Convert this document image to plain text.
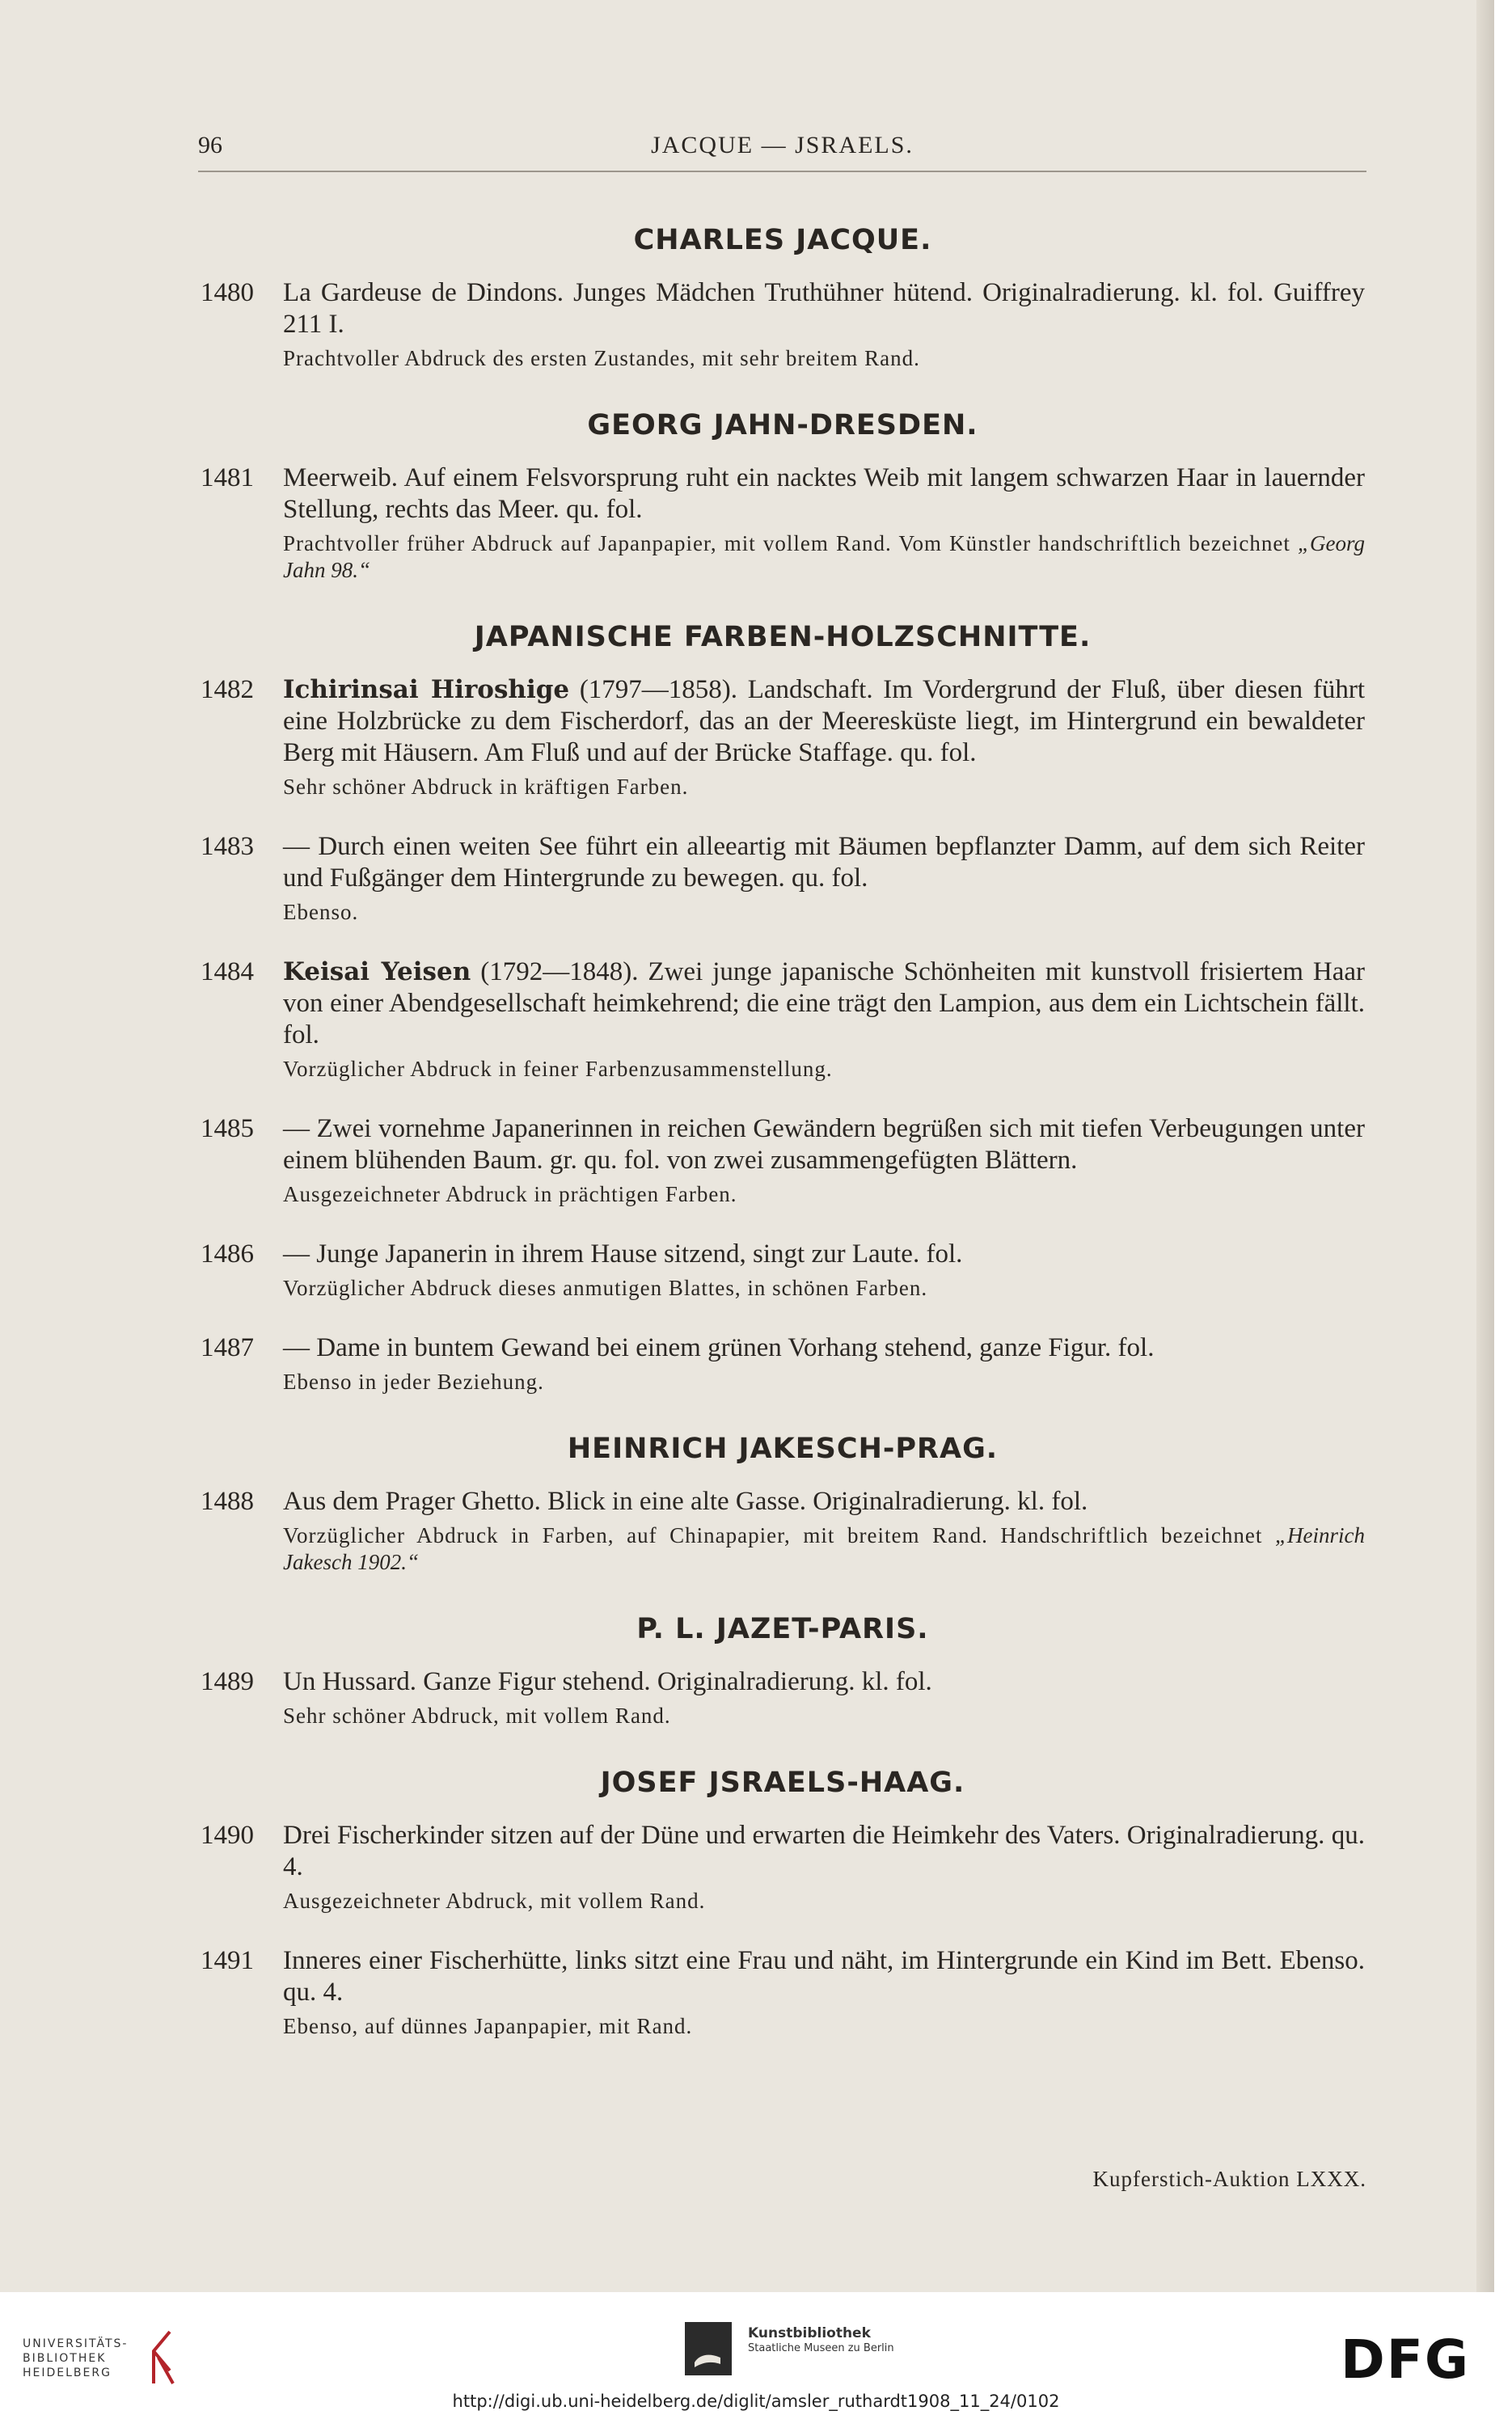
96	JACQUE — JSRAELS.
CHARLES JACQUE.
1480 La Gardeuse de Dindons. Junges Mädchen Truthühner hütend. Originalradierung. kl. fol. Guiffrey 211 I.
Prachtvoller Abdruck des ersten Zustandes, mit sehr breitem Rand.
GEORG JAHN-DRESDEN.
1481 Meerweib. Auf einem Felsvorsprung ruht ein nacktes Weib mit langem schwarzen Haar in lauernder Stellung, rechts das Meer. qu. fol.
Prachtvoller früher Abdruck auf Japanpapier, mit vollem Rand. Vom Künstler handschriftlich bezeichnet „Georg Jahn 98.“
JAPANISCHE FARBEN-HOLZSCHNITTE.
1482 Ichirinsai Hiroshige (1797—1858). Landschaft. Im Vordergrund der Fluß, über diesen führt eine Holzbrücke zu dem Fischerdorf, das an der Meeresküste liegt, im Hintergrund ein bewaldeter Berg mit Häusern. Am Fluß und auf der Brücke Staffage. qu. fol.
Sehr schöner Abdruck in kräftigen Farben.
1483 — Durch einen weiten See führt ein alleeartig mit Bäumen bepflanzter Damm, auf dem sich Reiter und Fußgänger dem Hintergrunde zu bewegen. qu. fol.
Ebenso.
1484 Keisai Yeisen (1792—1848). Zwei junge japanische Schönheiten mit kunstvoll frisiertem Haar von einer Abendgesellschaft heimkehrend; die eine trägt den Lampion, aus dem ein Lichtschein fällt. fol.
Vorzüglicher Abdruck in feiner Farbenzusammenstellung.
1485 — Zwei vornehme Japanerinnen in reichen Gewändern begrüßen sich mit tiefen Verbeugungen unter einem blühenden Baum. gr. qu. fol. von zwei zusammengefügten Blättern.
Ausgezeichneter Abdruck in prächtigen Farben.
1486 — Junge Japanerin in ihrem Hause sitzend, singt zur Laute. fol.
Vorzüglicher Abdruck dieses anmutigen Blattes, in schönen Farben.
1487 — Dame in buntem Gewand bei einem grünen Vorhang stehend, ganze Figur. fol.
Ebenso in jeder Beziehung.
HEINRICH JAKESCH-PRAG.
1488 Aus dem Prager Ghetto. Blick in eine alte Gasse. Originalradierung. kl. fol.
Vorzüglicher Abdruck in Farben, auf Chinapapier, mit breitem Rand. Handschriftlich bezeichnet „Heinrich Jakesch 1902.“
P. L. JAZET-PARIS.
1489 Un Hussard. Ganze Figur stehend. Originalradierung. kl. fol.
Sehr schöner Abdruck, mit vollem Rand.
JOSEF JSRAELS-HAAG.
1490 Drei Fischerkinder sitzen auf der Düne und erwarten die Heimkehr des Vaters. Originalradierung. qu. 4.
Ausgezeichneter Abdruck, mit vollem Rand.
1491 Inneres einer Fischerhütte, links sitzt eine Frau und näht, im Hintergrunde ein Kind im Bett. Ebenso. qu. 4.
Ebenso, auf dünnes Japanpapier, mit Rand.
Kupferstich-Auktion LXXX.
UNIVERSITÄTS-
BIBLIOTHEK
HEIDELBERG
Kunstbibliothek
Staatliche Museen zu Berlin	DFG
http://digi.ub.uni-heidelberg.de/diglit/amsler_ruthardt1908_11_24/0102
